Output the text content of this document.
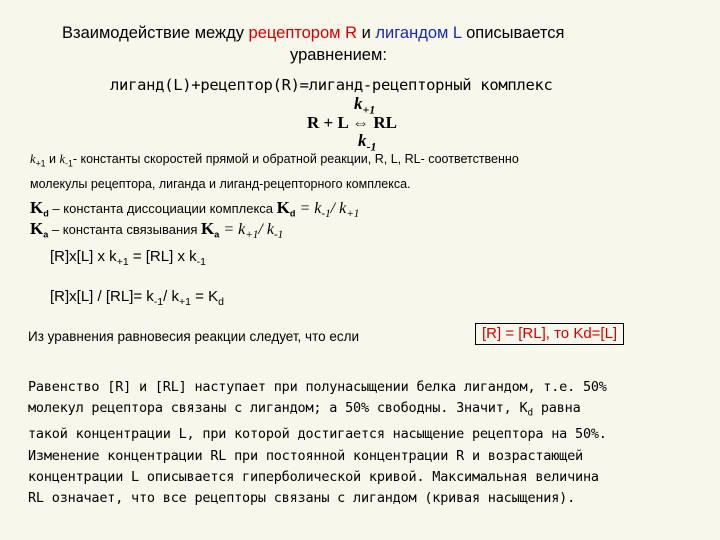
Взаимодействие между рецептором R и лигандом L описывается
уравнением:
лиганд(L)+рецептор(R)=лиганд-рецепторный комплекс
$k_{+1}$
R + L ⇔ RL
$k_{-1}$
$k_{+1}$ и $k_{-1}-$ константы скоростей прямой и обратной реакции, R, L, RL- соответственно
молекулы рецептора, лиганда и лиганд-рецепторного комплекса.
$K_d$ – константа диссоциации комплекса $K_d = k_{-1}/$ $k_{+1}$
$K_a$ – константа связывания $K_a = k_{+1}/$ $k_{-1}$
[R]x[L] x $k_{+1} = [RL]$ x $k_{-1}$
$[R]x[L] / [RL]= k_{-1}/$ $k_{+1} = K_d$
Из уравнения равновесия реакции следует, что если	[R] = [RL], то Kd=[L]
Равенство [R] и [RL] наступает при полунасыщении белка лигандом, т.е. 50%
молекул рецептора связаны с лигандом; а 50% свободны. Значит, $K_d$ равна
такой концентрации L, при которой достигается насыщение рецептора на 50%.
Изменение концентрации RL при постоянной концентрации R и возрастающей
концентрации L описывается гиперболической кривой. Максимальная величина
RL означает, что все рецепторы связаны с лигандом (кривая насыщения).
